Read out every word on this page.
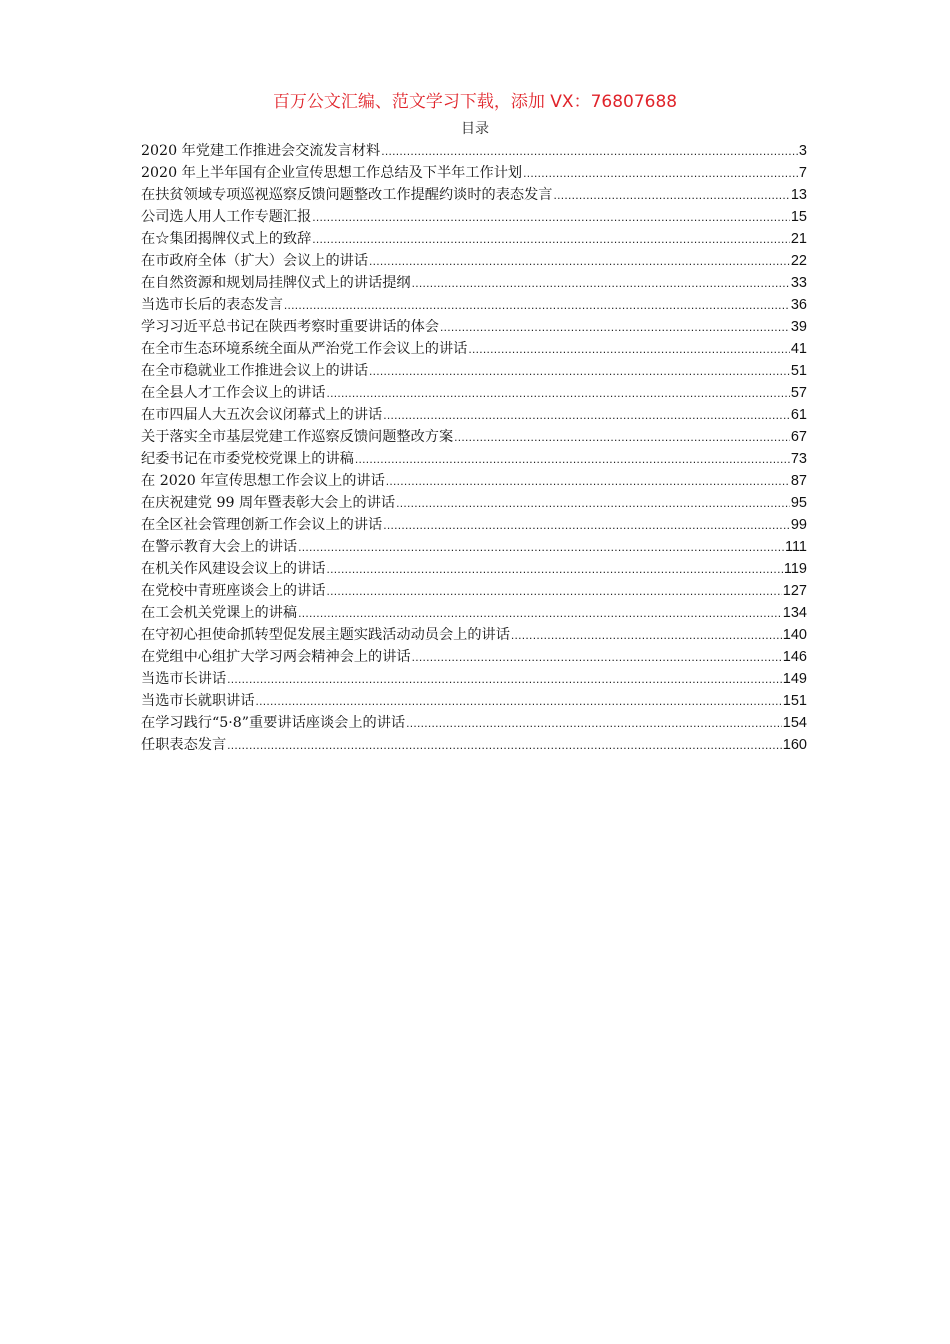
百万公文汇编、范文学习下载，添加 VX：76807688
目录
2020 年党建工作推进会交流发言材料 .....	3
2020 年上半年国有企业宣传思想工作总结及下半年工作计划 .....	7
在扶贫领域专项巡视巡察反馈问题整改工作提醒约谈时的表态发言 .....	13
公司选人用人工作专题汇报 .....	15
在☆集团揭牌仪式上的致辞 .....	21
在市政府全体（扩大）会议上的讲话 .....	22
在自然资源和规划局挂牌仪式上的讲话提纲 .....	33
当选市长后的表态发言 .....	36
学习习近平总书记在陕西考察时重要讲话的体会 .....	39
在全市生态环境系统全面从严治党工作会议上的讲话 .....	41
在全市稳就业工作推进会议上的讲话 .....	51
在全县人才工作会议上的讲话 .....	57
在市四届人大五次会议闭幕式上的讲话 .....	61
关于落实全市基层党建工作巡察反馈问题整改方案 .....	67
纪委书记在市委党校党课上的讲稿 .....	73
在 2020 年宣传思想工作会议上的讲话 .....	87
在庆祝建党 99 周年暨表彰大会上的讲话 .....	95
在全区社会管理创新工作会议上的讲话 .....	99
在警示教育大会上的讲话 .....	111
在机关作风建设会议上的讲话 .....	119
在党校中青班座谈会上的讲话 .....	127
在工会机关党课上的讲稿 .....	134
在守初心担使命抓转型促发展主题实践活动动员会上的讲话 .....	140
在党组中心组扩大学习两会精神会上的讲话 .....	146
当选市长讲话 .....	149
当选市长就职讲话 .....	151
在学习践行“5·8”重要讲话座谈会上的讲话 .....	154
任职表态发言 .....	160
